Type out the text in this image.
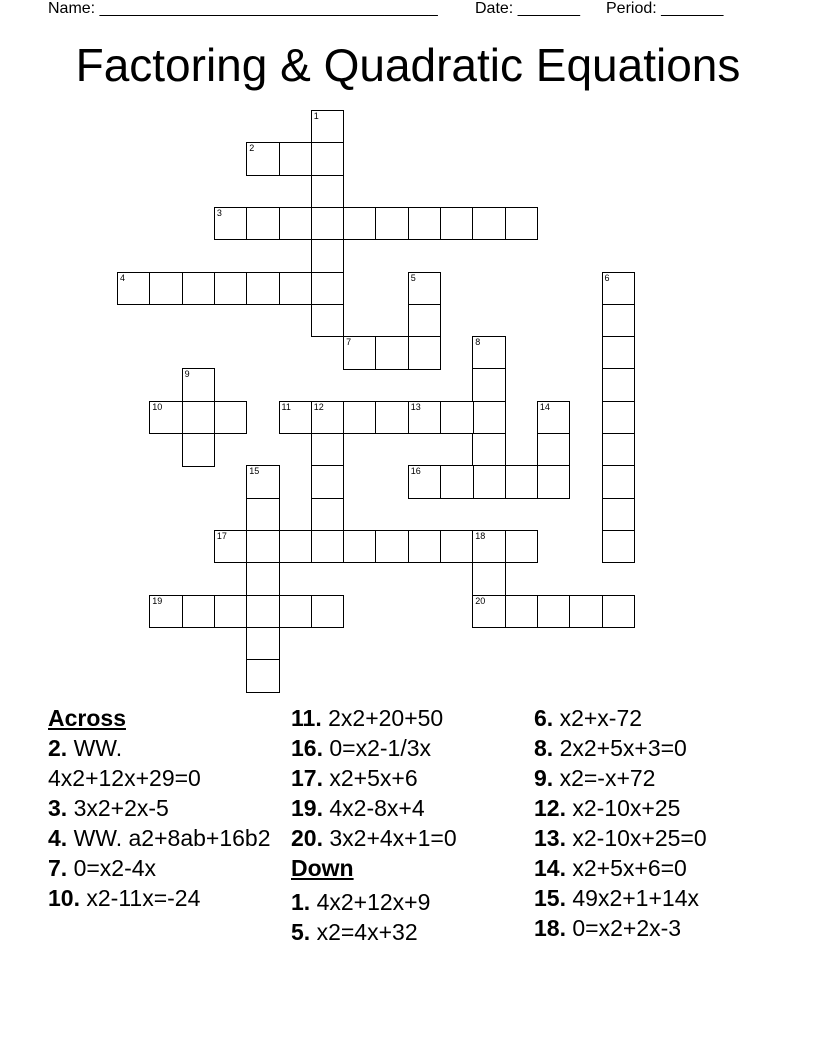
Name: ______________________________________ Date: _______ Period: _______
Factoring & Quadratic Equations
1
2
3
4	5	6
7	8
9
10	11	12	13	14
15	16
17	18
20
19
Across
2. WW. 4x2+12x+29=0
3. 3x2+2x-5
4. WW. a2+8ab+16b2
7. 0=x2-4x
10. x2-11x=-24
11. 2x2+20+50
16. 0=x2-1/3x
17. x2+5x+6
19. 4x2-8x+4
20. 3x2+4x+1=0
Down
1. 4x2+12x+9
5. x2=4x+32
6. x2+x-72
8. 2x2+5x+3=0
9. x2=-x+72
12. x2-10x+25
13. x2-10x+25=0
14. x2+5x+6=0
15. 49x2+1+14x
18. 0=x2+2x-3
